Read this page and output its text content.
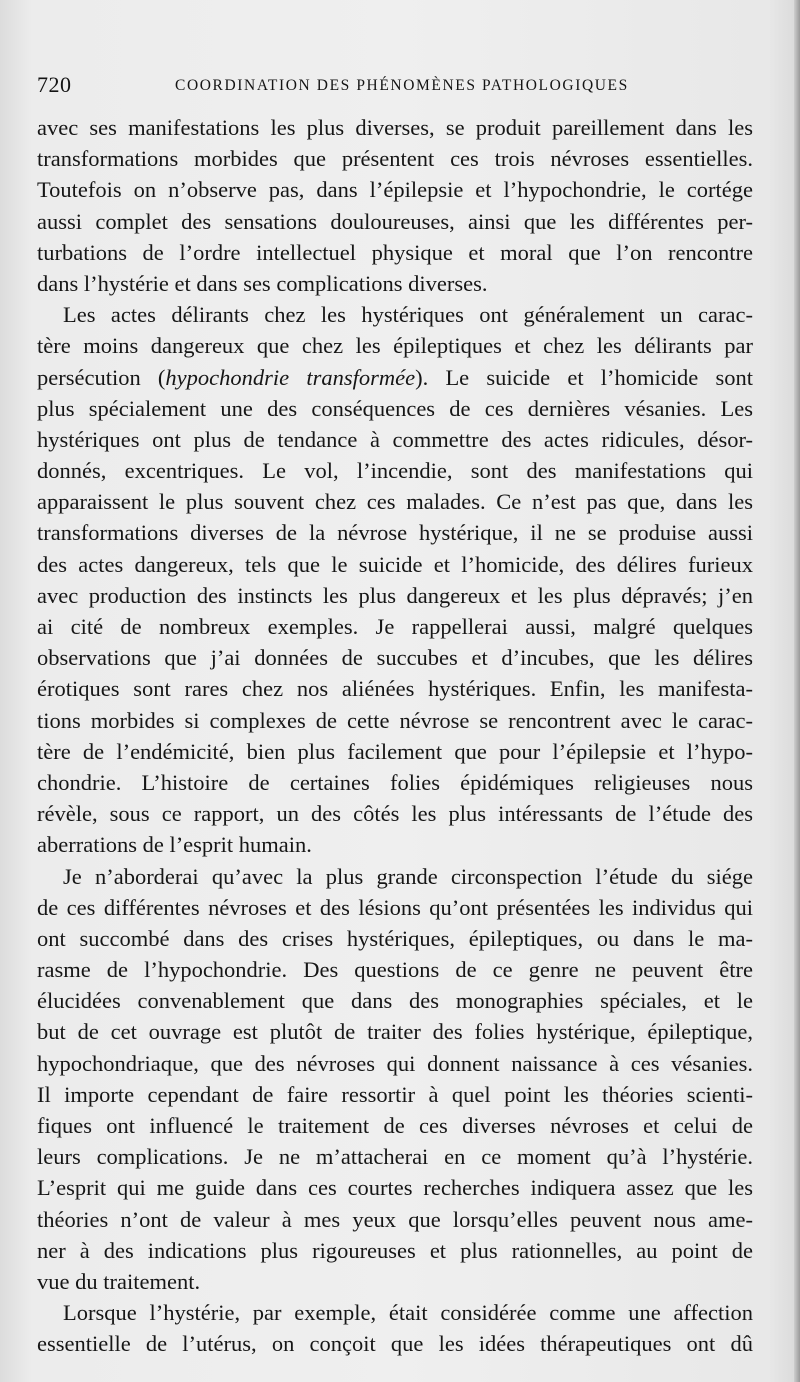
720	COORDINATION DES PHÉNOMÈNES PATHOLOGIQUES
avec ses manifestations les plus diverses, se produit pareillement dans les
transformations morbides que présentent ces trois névroses essentielles.
Toutefois on n’observe pas, dans l’épilepsie et l’hypochondrie, le cortége
aussi complet des sensations douloureuses, ainsi que les différentes per-
turbations de l’ordre intellectuel physique et moral que l’on rencontre
dans l’hystérie et dans ses complications diverses.
Les actes délirants chez les hystériques ont généralement un carac-
tère moins dangereux que chez les épileptiques et chez les délirants par
persécution (hypochondrie transformée). Le suicide et l’homicide sont
plus spécialement une des conséquences de ces dernières vésanies. Les
hystériques ont plus de tendance à commettre des actes ridicules, désor-
donnés, excentriques. Le vol, l’incendie, sont des manifestations qui
apparaissent le plus souvent chez ces malades. Ce n’est pas que, dans les
transformations diverses de la névrose hystérique, il ne se produise aussi
des actes dangereux, tels que le suicide et l’homicide, des délires furieux
avec production des instincts les plus dangereux et les plus dépravés; j’en
ai cité de nombreux exemples. Je rappellerai aussi, malgré quelques
observations que j’ai données de succubes et d’incubes, que les délires
érotiques sont rares chez nos aliénées hystériques. Enfin, les manifesta-
tions morbides si complexes de cette névrose se rencontrent avec le carac-
tère de l’endémicité, bien plus facilement que pour l’épilepsie et l’hypo-
chondrie. L’histoire de certaines folies épidémiques religieuses nous
révèle, sous ce rapport, un des côtés les plus intéressants de l’étude des
aberrations de l’esprit humain.
Je n’aborderai qu’avec la plus grande circonspection l’étude du siége
de ces différentes névroses et des lésions qu’ont présentées les individus qui
ont succombé dans des crises hystériques, épileptiques, ou dans le ma-
rasme de l’hypochondrie. Des questions de ce genre ne peuvent être
élucidées convenablement que dans des monographies spéciales, et le
but de cet ouvrage est plutôt de traiter des folies hystérique, épileptique,
hypochondriaque, que des névroses qui donnent naissance à ces vésanies.
Il importe cependant de faire ressortir à quel point les théories scienti-
fiques ont influencé le traitement de ces diverses névroses et celui de
leurs complications. Je ne m’attacherai en ce moment qu’à l’hystérie.
L’esprit qui me guide dans ces courtes recherches indiquera assez que les
théories n’ont de valeur à mes yeux que lorsqu’elles peuvent nous ame-
ner à des indications plus rigoureuses et plus rationnelles, au point de
vue du traitement.
Lorsque l’hystérie, par exemple, était considérée comme une affection
essentielle de l’utérus, on conçoit que les idées thérapeutiques ont dû
